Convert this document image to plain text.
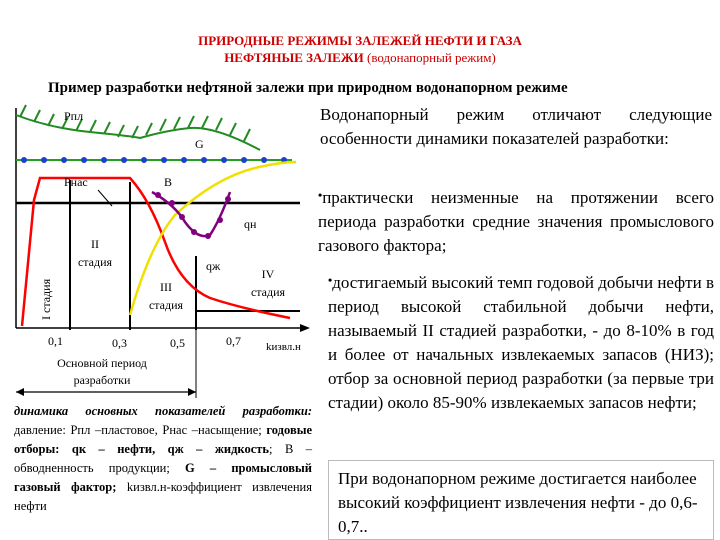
ПРИРОДНЫЕ РЕЖИМЫ ЗАЛЕЖЕЙ НЕФТИ И ГАЗА
НЕФТЯНЫЕ ЗАЛЕЖИ (водонапорный режим)
Пример разработки нефтяной залежи при природном водонапорном режиме
Рпл
Рнас
G
В
qн
qж
I стадия
II
стадия
III
стадия
IV
стадия
0,1	0,3	0,5	0,7 kизвл.н
Основной период
разработки
динамика основных показателей разработки: давление: Рпл –пластовое, Рнас –насыщение; годовые отборы: qк – нефти, qж – жидкость; В – обводненность продукции; G – промысловый газовый фактор; kизвл.н-коэффициент извлечения нефти
Водонапорный режим отличают следующие особенности динамики показателей разработки:
•практически неизменные на протяжении всего периода разработки средние значения промыслового газового фактора;
•достигаемый высокий темп годовой добычи нефти в период высокой стабильной добычи нефти, называемый II стадией разработки, - до 8-10% в год и более от начальных извлекаемых запасов (НИЗ); отбор за основной период разработки (за первые три стадии) около 85-90% извлекаемых запасов нефти;
При водонапорном режиме достигается наиболее высокий коэффициент извлечения нефти - до 0,6-0,7..
